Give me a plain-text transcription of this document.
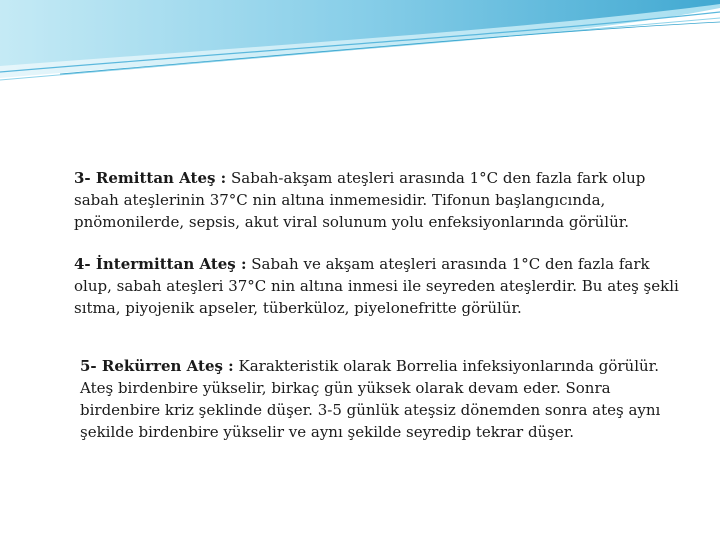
3- Remittan Ateş : Sabah-akşam ateşleri arasında 1°C den fazla fark olup
sabah ateşlerinin 37°C nin altına inmemesidir. Tifonun başlangıcında,
pnömonilerde, sepsis, akut viral solunum yolu enfeksiyonlarında görülür.

4- İntermittan Ateş : Sabah ve akşam ateşleri arasında 1°C den fazla fark
olup, sabah ateşleri 37°C nin altına inmesi ile seyreden ateşlerdir. Bu ateş şekli
sıtma, piyojenik apseler, tüberküloz, piyelonefritte görülür.

5- Rekürren Ateş : Karakteristik olarak Borrelia infeksiyonlarında görülür.
Ateş birdenbire yükselir, birkaç gün yüksek olarak devam eder. Sonra
birdenbire kriz şeklinde düşer. 3-5 günlük ateşsiz dönemden sonra ateş aynı
şekilde birdenbire yükselir ve aynı şekilde seyredip tekrar düşer.
